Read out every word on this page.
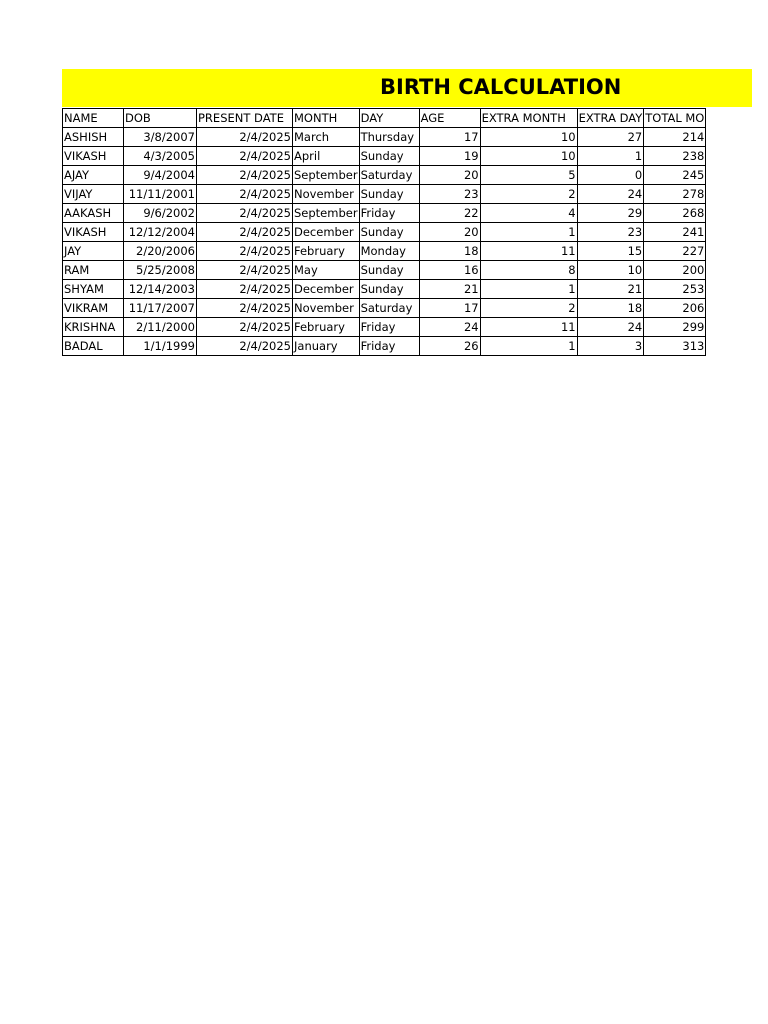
BIRTH CALCULATION
NAME	DOB	PRESENT DATE	MONTH	DAY	AGE	EXTRA MONTH	EXTRA DAY	TOTAL MO
ASHISH	3/8/2007	2/4/2025	March	Thursday	17	10	27	214
VIKASH	4/3/2005	2/4/2025	April	Sunday	19	10	1	238
AJAY	9/4/2004	2/4/2025	September	Saturday	20	5	0	245
VIJAY	11/11/2001	2/4/2025	November	Sunday	23	2	24	278
AAKASH	9/6/2002	2/4/2025	September	Friday	22	4	29	268
VIKASH	12/12/2004	2/4/2025	December	Sunday	20	1	23	241
JAY	2/20/2006	2/4/2025	February	Monday	18	11	15	227
RAM	5/25/2008	2/4/2025	May	Sunday	16	8	10	200
SHYAM	12/14/2003	2/4/2025	December	Sunday	21	1	21	253
VIKRAM	11/17/2007	2/4/2025	November	Saturday	17	2	18	206
KRISHNA	2/11/2000	2/4/2025	February	Friday	24	11	24	299
BADAL	1/1/1999	2/4/2025	January	Friday	26	1	3	313
